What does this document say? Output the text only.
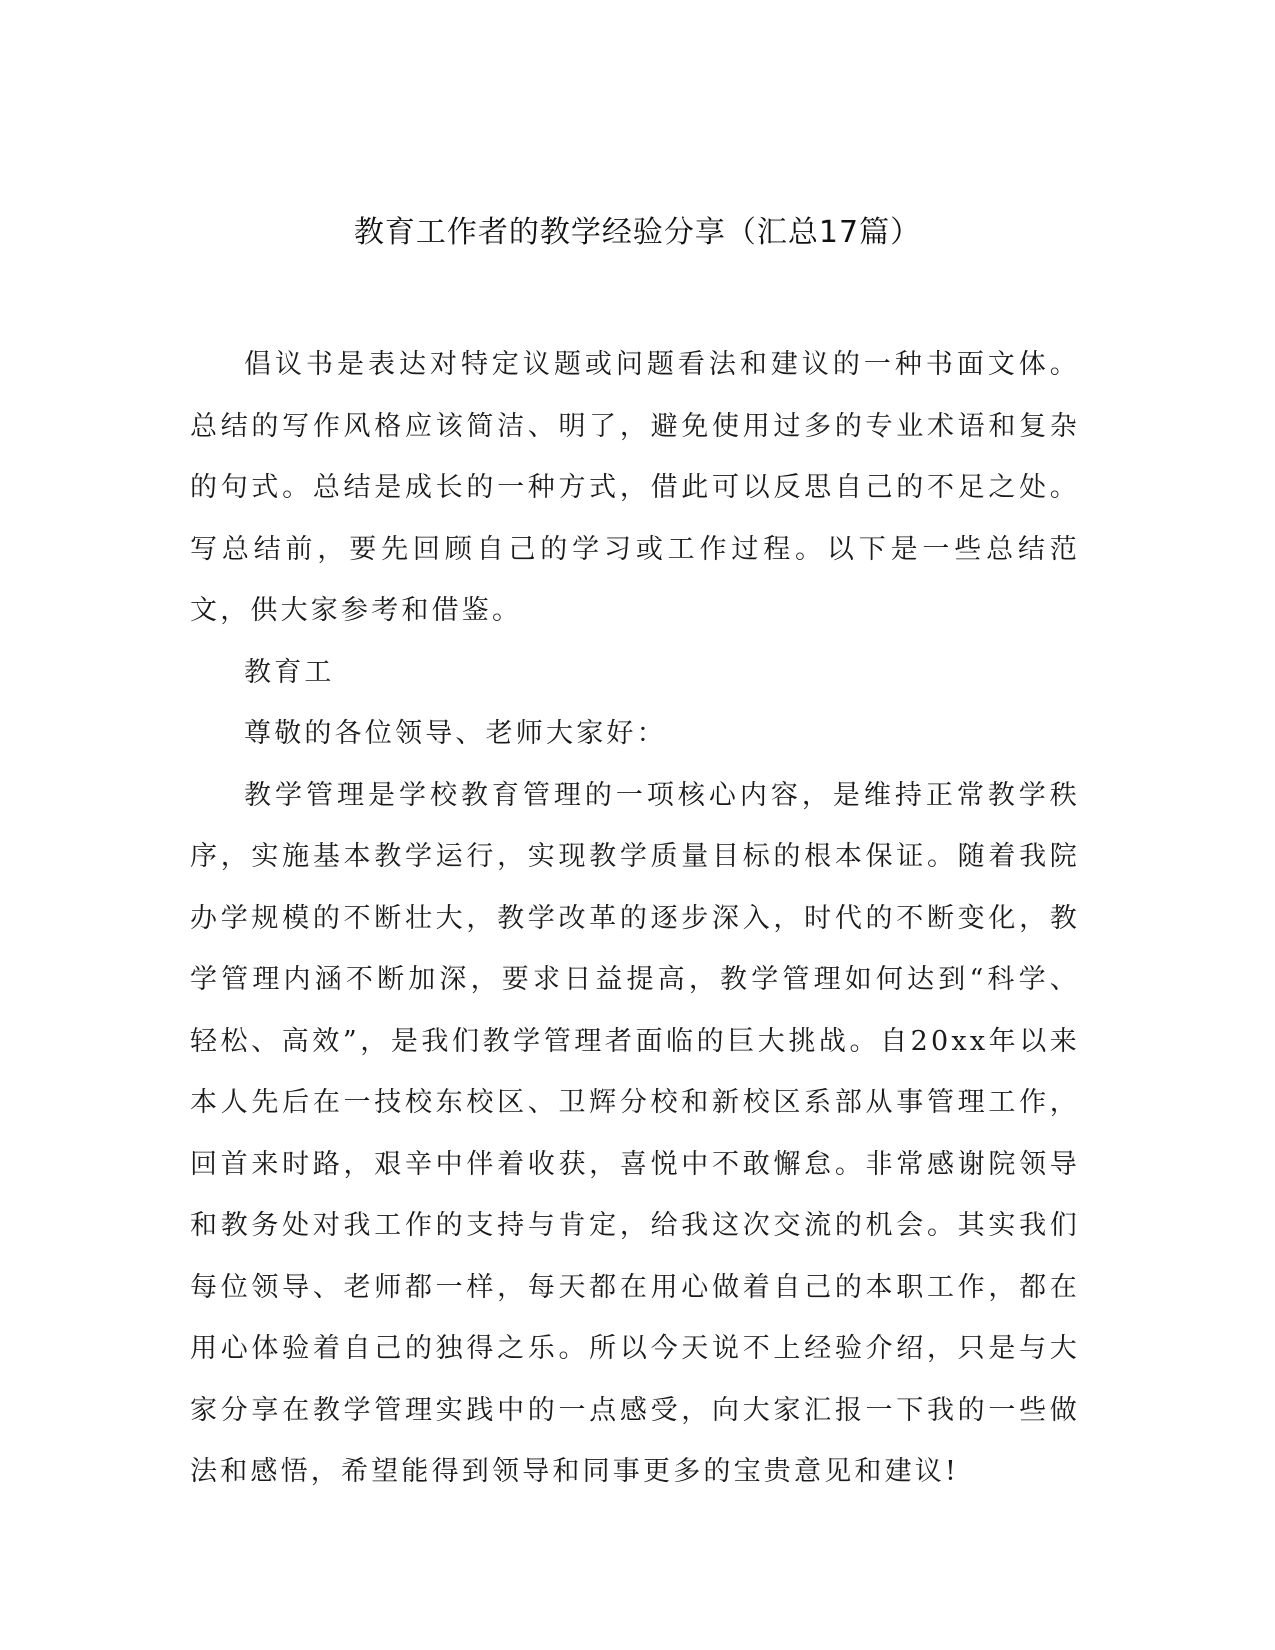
教育工作者的教学经验分享（汇总17篇）

倡议书是表达对特定议题或问题看法和建议的一种书面文体。总结的写作风格应该简洁、明了，避免使用过多的专业术语和复杂的句式。总结是成长的一种方式，借此可以反思自己的不足之处。写总结前，要先回顾自己的学习或工作过程。以下是一些总结范文，供大家参考和借鉴。

教育工

尊敬的各位领导、老师大家好：

教学管理是学校教育管理的一项核心内容，是维持正常教学秩序，实施基本教学运行，实现教学质量目标的根本保证。随着我院办学规模的不断壮大，教学改革的逐步深入，时代的不断变化，教学管理内涵不断加深，要求日益提高，教学管理如何达到“科学、轻松、高效”，是我们教学管理者面临的巨大挑战。自20xx年以来本人先后在一技校东校区、卫辉分校和新校区系部从事管理工作，回首来时路，艰辛中伴着收获，喜悦中不敢懈怠。非常感谢院领导和教务处对我工作的支持与肯定，给我这次交流的机会。其实我们每位领导、老师都一样，每天都在用心做着自己的本职工作，都在用心体验着自己的独得之乐。所以今天说不上经验介绍，只是与大家分享在教学管理实践中的一点感受，向大家汇报一下我的一些做法和感悟，希望能得到领导和同事更多的宝贵意见和建议!
